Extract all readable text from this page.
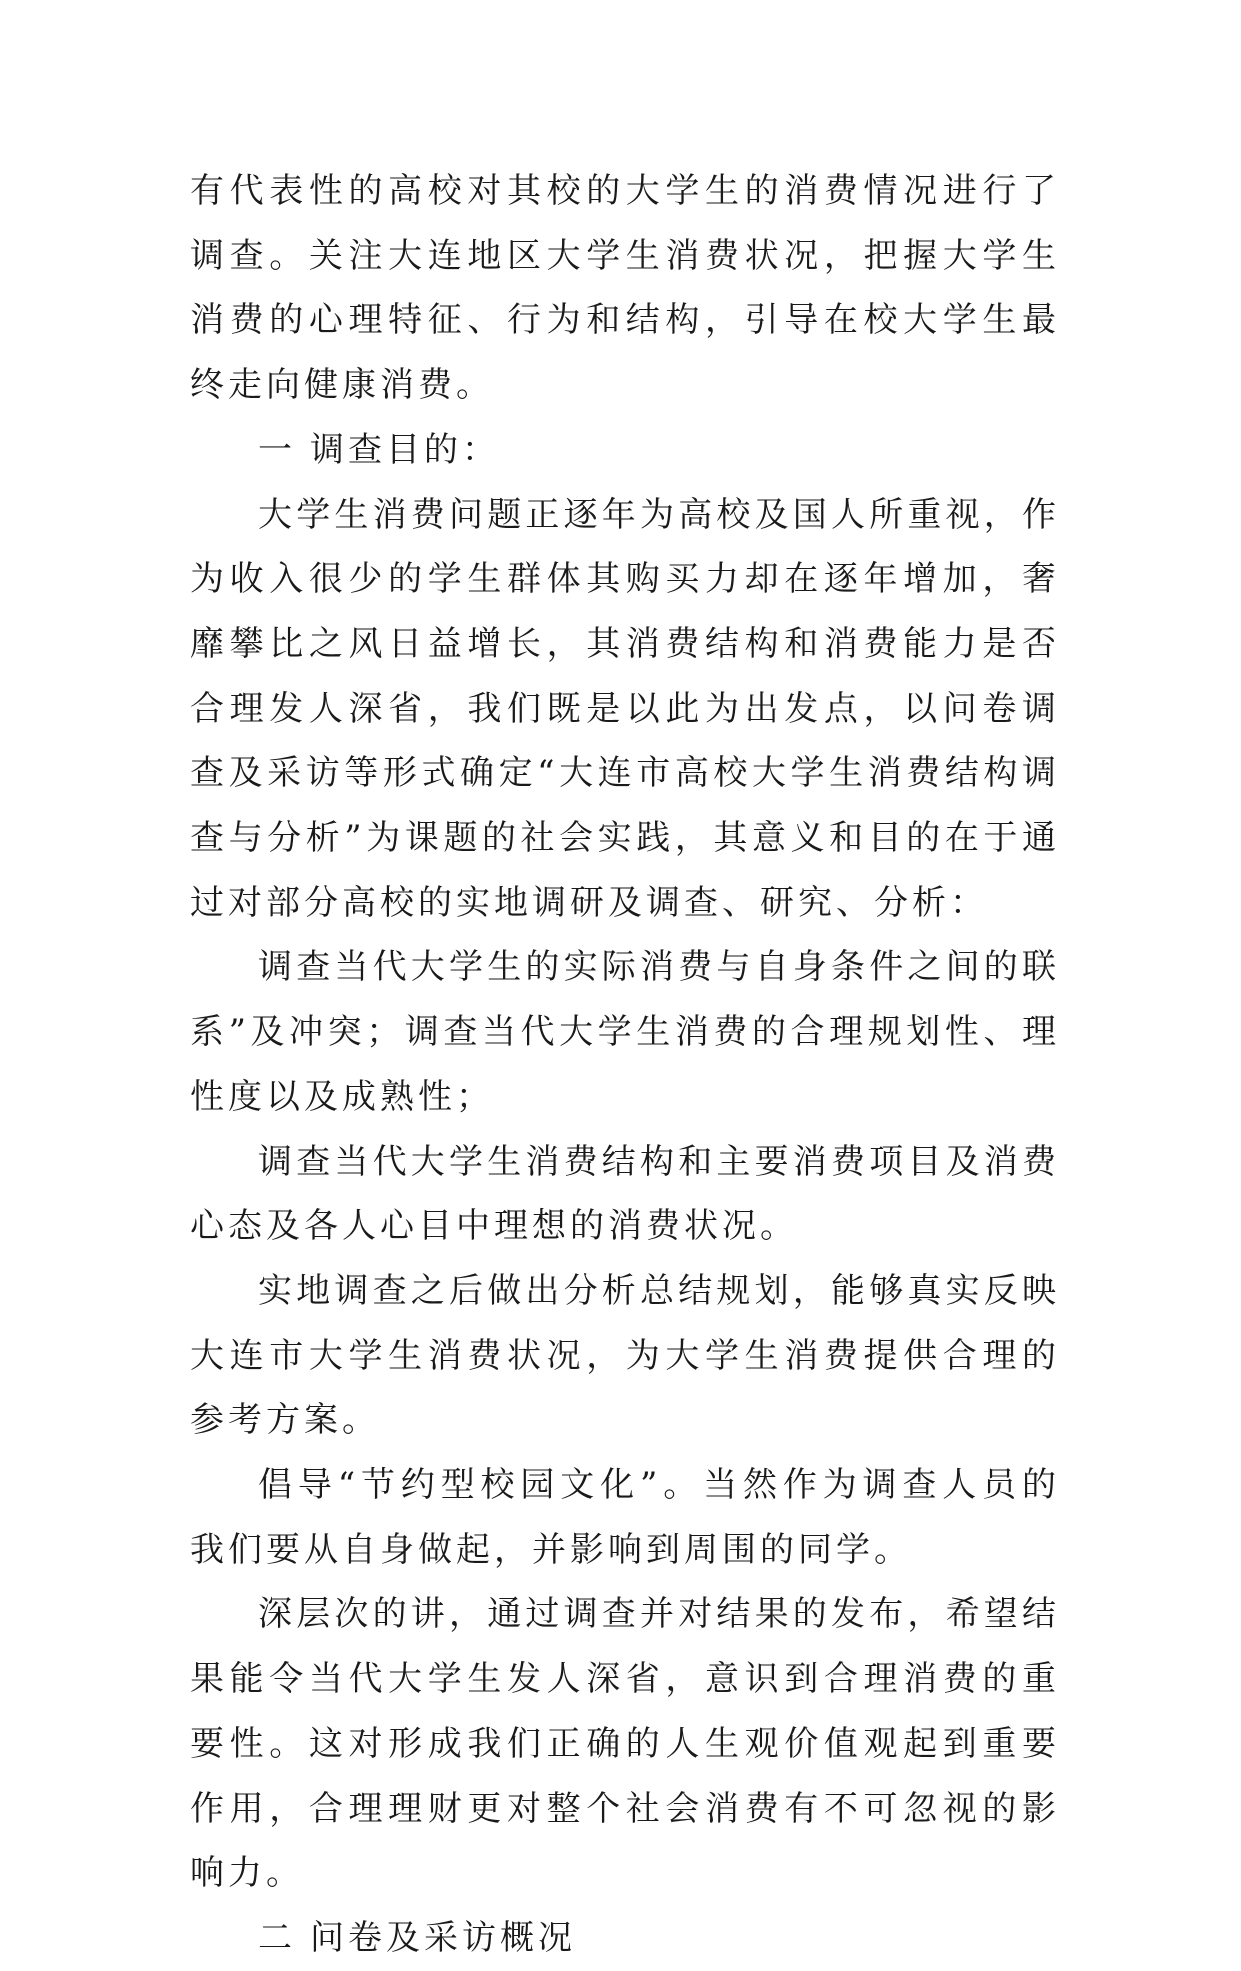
有代表性的高校对其校的大学生的消费情况进行了调查。关注大连地区大学生消费状况，把握大学生消费的心理特征、行为和结构，引导在校大学生最终走向健康消费。

一 调查目的：

大学生消费问题正逐年为高校及国人所重视，作为收入很少的学生群体其购买力却在逐年增加，奢靡攀比之风日益增长，其消费结构和消费能力是否合理发人深省，我们既是以此为出发点，以问卷调查及采访等形式确定“大连市高校大学生消费结构调查与分析”为课题的社会实践，其意义和目的在于通过对部分高校的实地调研及调查、研究、分析：

调查当代大学生的实际消费与自身条件之间的联系”及冲突；调查当代大学生消费的合理规划性、理性度以及成熟性；

调查当代大学生消费结构和主要消费项目及消费心态及各人心目中理想的消费状况。

实地调查之后做出分析总结规划，能够真实反映大连市大学生消费状况，为大学生消费提供合理的参考方案。

倡导“节约型校园文化”。当然作为调查人员的我们要从自身做起，并影响到周围的同学。

深层次的讲，通过调查并对结果的发布，希望结果能令当代大学生发人深省，意识到合理消费的重要性。这对形成我们正确的人生观价值观起到重要作用，合理理财更对整个社会消费有不可忽视的影响力。

二 问卷及采访概况
